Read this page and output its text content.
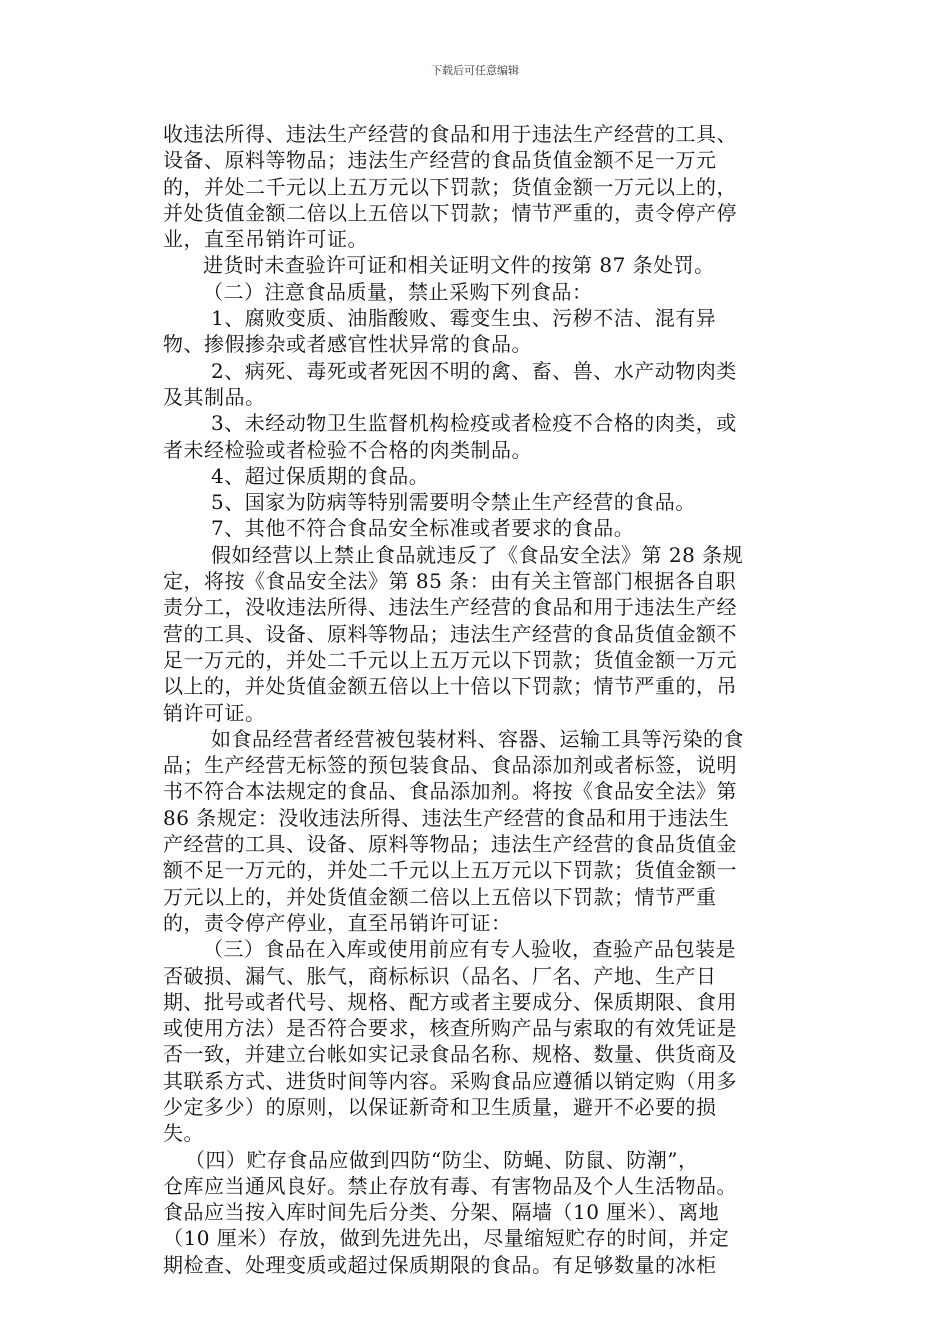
下载后可任意编辑
收违法所得、违法生产经营的食品和用于违法生产经营的工具、
设备、原料等物品；违法生产经营的食品货值金额不足一万元
的，并处二千元以上五万元以下罚款；货值金额一万元以上的，
并处货值金额二倍以上五倍以下罚款；情节严重的，责令停产停
业，直至吊销许可证。
进货时未查验许可证和相关证明文件的按第 87 条处罚。
（二）注意食品质量，禁止采购下列食品：
1、腐败变质、油脂酸败、霉变生虫、污秽不洁、混有异
物、掺假掺杂或者感官性状异常的食品。
2、病死、毒死或者死因不明的禽、畜、兽、水产动物肉类
及其制品。
3、未经动物卫生监督机构检疫或者检疫不合格的肉类，或
者未经检验或者检验不合格的肉类制品。
4、超过保质期的食品。
5、国家为防病等特别需要明令禁止生产经营的食品。
7、其他不符合食品安全标准或者要求的食品。
假如经营以上禁止食品就违反了《食品安全法》第 28 条规
定，将按《食品安全法》第 85 条：由有关主管部门根据各自职
责分工，没收违法所得、违法生产经营的食品和用于违法生产经
营的工具、设备、原料等物品；违法生产经营的食品货值金额不
足一万元的，并处二千元以上五万元以下罚款；货值金额一万元
以上的，并处货值金额五倍以上十倍以下罚款；情节严重的，吊
销许可证。
如食品经营者经营被包装材料、容器、运输工具等污染的食
品；生产经营无标签的预包装食品、食品添加剂或者标签，说明
书不符合本法规定的食品、食品添加剂。将按《食品安全法》第
86 条规定：没收违法所得、违法生产经营的食品和用于违法生
产经营的工具、设备、原料等物品；违法生产经营的食品货值金
额不足一万元的，并处二千元以上五万元以下罚款；货值金额一
万元以上的，并处货值金额二倍以上五倍以下罚款；情节严重
的，责令停产停业，直至吊销许可证：
（三）食品在入库或使用前应有专人验收，查验产品包装是
否破损、漏气、胀气，商标标识（品名、厂名、产地、生产日
期、批号或者代号、规格、配方或者主要成分、保质期限、食用
或使用方法）是否符合要求，核查所购产品与索取的有效凭证是
否一致，并建立台帐如实记录食品名称、规格、数量、供货商及
其联系方式、进货时间等内容。采购食品应遵循以销定购（用多
少定多少）的原则，以保证新奇和卫生质量，避开不必要的损
失。
（四）贮存食品应做到四防“防尘、防蝇、防鼠、防潮”，
仓库应当通风良好。禁止存放有毒、有害物品及个人生活物品。
食品应当按入库时间先后分类、分架、隔墙（10 厘米）、离地
（10 厘米）存放，做到先进先出，尽量缩短贮存的时间，并定
期检查、处理变质或超过保质期限的食品。有足够数量的冰柜
